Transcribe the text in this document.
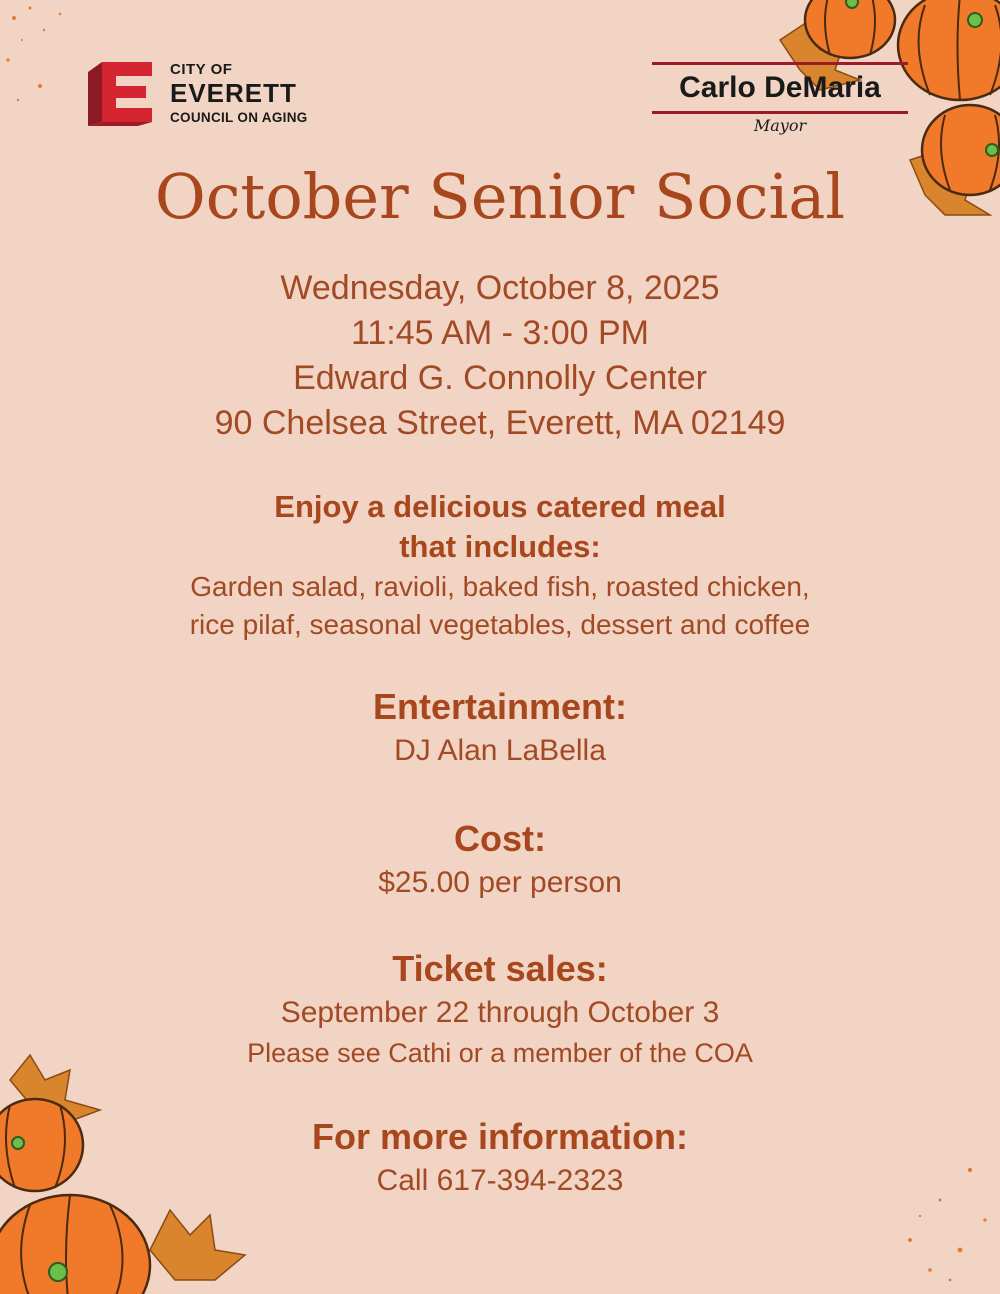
CITY OF
EVERETT
COUNCIL ON AGING
Carlo DeMaria
Mayor
October Senior Social
Wednesday, October 8, 2025
11:45 AM - 3:00 PM
Edward G. Connolly Center
90 Chelsea Street, Everett, MA 02149
Enjoy a delicious catered meal
that includes:
Garden salad, ravioli, baked fish, roasted chicken,
rice pilaf, seasonal vegetables, dessert and coffee
Entertainment:
DJ Alan LaBella
Cost:
$25.00 per person
Ticket sales:
September 22 through October 3
Please see Cathi or a member of the COA
For more information:
Call 617-394-2323
